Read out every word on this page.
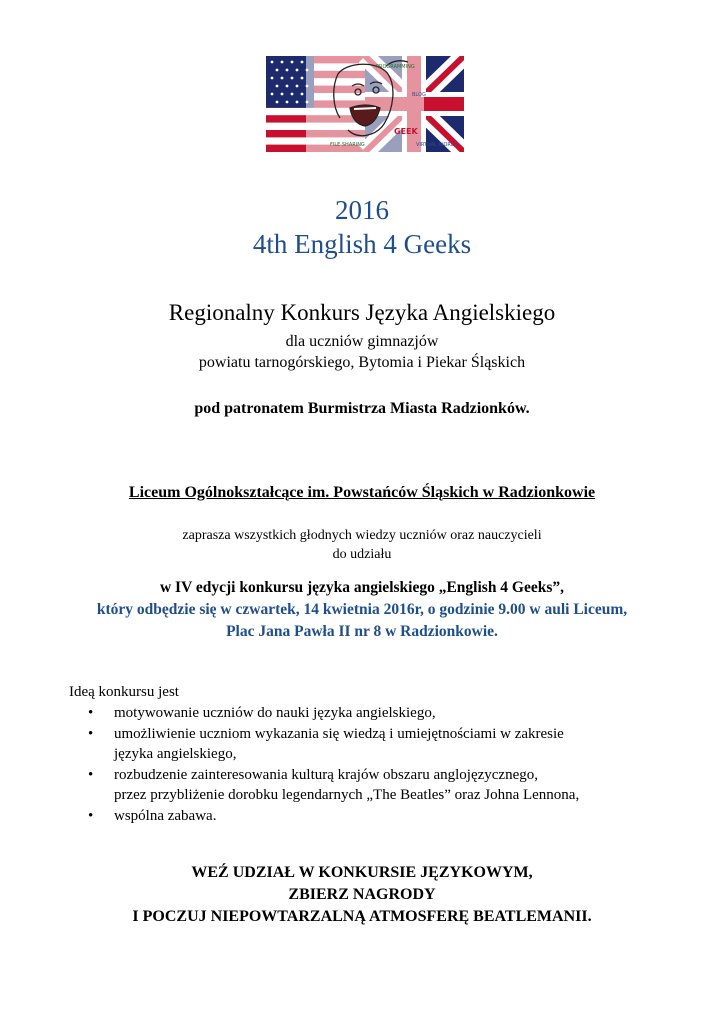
PROGRAMMING
BLOG
GEEK
FILE SHARING	VIRTUAL WORLD
2016
4th English 4 Geeks
Regionalny Konkurs Języka Angielskiego
dla uczniów gimnazjów
powiatu tarnogórskiego, Bytomia i Piekar Śląskich
pod patronatem Burmistrza Miasta Radzionków.
Liceum Ogólnokształcące im. Powstańców Śląskich w Radzionkowie
zaprasza wszystkich głodnych wiedzy uczniów oraz nauczycieli
do udziału
w IV edycji konkursu języka angielskiego „English 4 Geeks”,
który odbędzie się w czwartek, 14 kwietnia 2016r, o godzinie 9.00 w auli Liceum,
Plac Jana Pawła II nr 8 w Radzionkowie.
Ideą konkursu jest
• motywowanie uczniów do nauki języka angielskiego,
• umożliwienie uczniom wykazania się wiedzą i umiejętnościami w zakresie
języka angielskiego,
• rozbudzenie zainteresowania kulturą krajów obszaru anglojęzycznego,
przez przybliżenie dorobku legendarnych „The Beatles” oraz Johna Lennona,
• wspólna zabawa.
WEŹ UDZIAŁ W KONKURSIE JĘZYKOWYM,
ZBIERZ NAGRODY
I POCZUJ NIEPOWTARZALNĄ ATMOSFERĘ BEATLEMANII.
